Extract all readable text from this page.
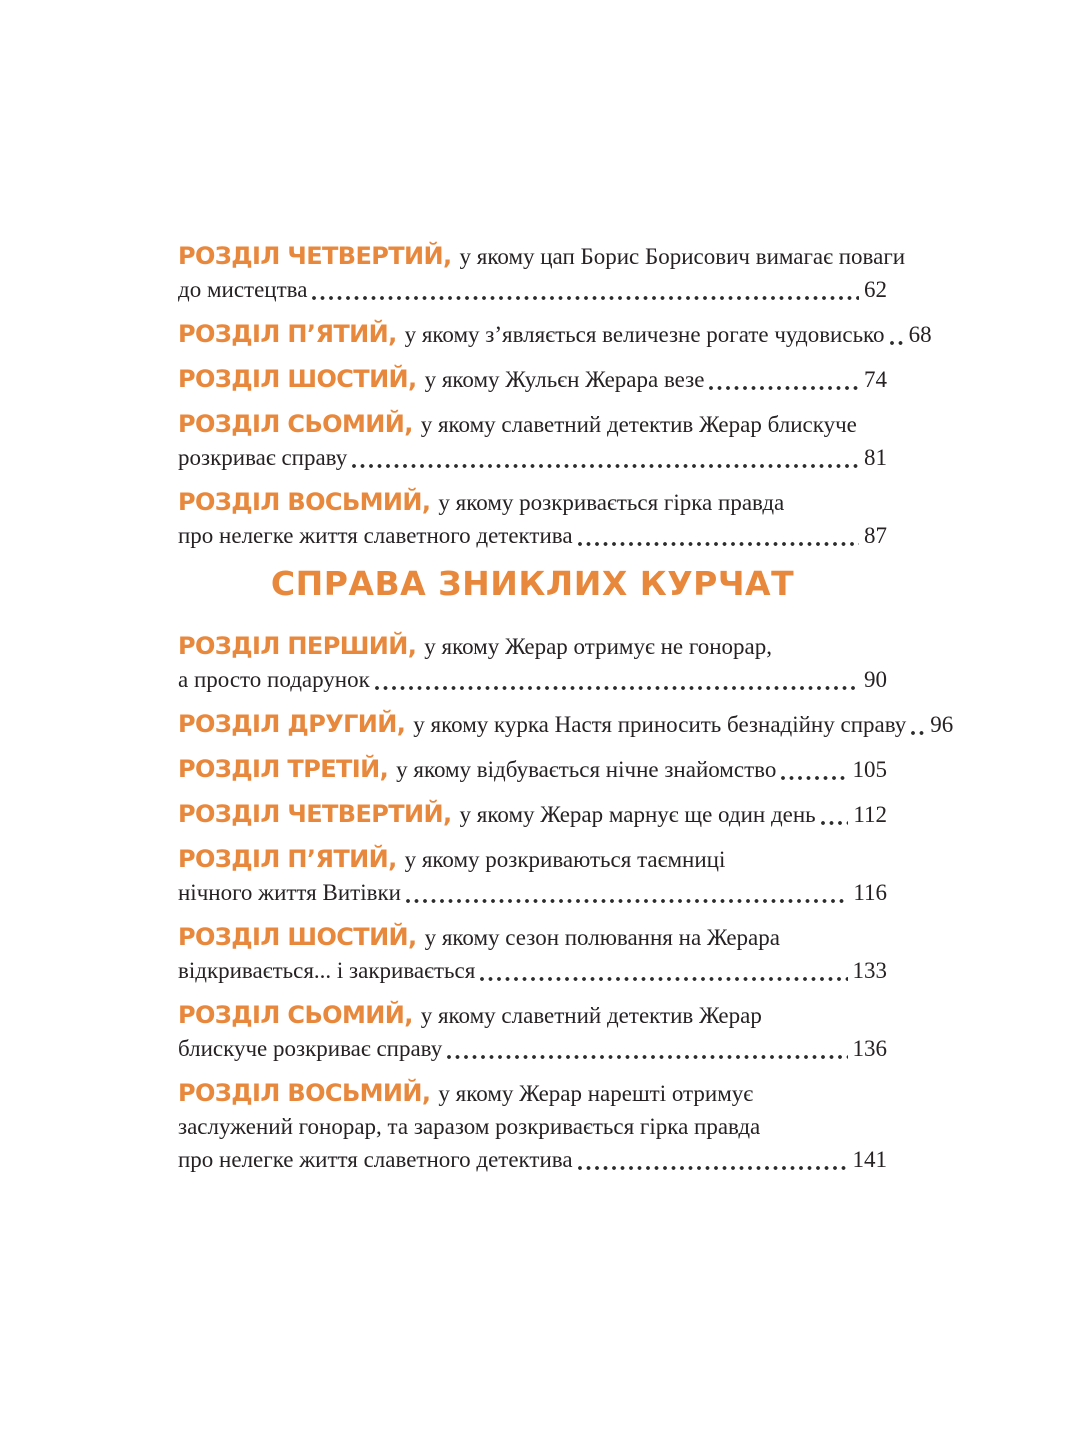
РОЗДІЛ ЧЕТВЕРТИЙ, у якому цап Борис Борисович вимагає поваги
до мистецтва	62
РОЗДІЛ П’ЯТИЙ, у якому з’являється величезне рогате чудовисько 68
РОЗДІЛ ШОСТИЙ, у якому Жульєн Жерара везе	74
РОЗДІЛ СЬОМИЙ, у якому славетний детектив Жерар блискуче
розкриває справу	81
РОЗДІЛ ВОСЬМИЙ, у якому розкривається гірка правда
про нелегке життя славетного детектива	87
СПРАВА ЗНИКЛИХ КУРЧАТ
РОЗДІЛ ПЕРШИЙ, у якому Жерар отримує не гонорар,
а просто подарунок	90
РОЗДІЛ ДРУГИЙ, у якому курка Настя приносить безнадійну справу 96
РОЗДІЛ ТРЕТІЙ, у якому відбувається нічне знайомство	105
РОЗДІЛ ЧЕТВЕРТИЙ, у якому Жерар марнує ще один день 112
РОЗДІЛ П’ЯТИЙ, у якому розкриваються таємниці
нічного життя Витівки	116
РОЗДІЛ ШОСТИЙ, у якому сезон полювання на Жерара
відкривається... і закривається	133
РОЗДІЛ СЬОМИЙ, у якому славетний детектив Жерар
блискуче розкриває справу	136
РОЗДІЛ ВОСЬМИЙ, у якому Жерар нарешті отримує
заслужений гонорар, та заразом розкривається гірка правда
про нелегке життя славетного детектива	141
